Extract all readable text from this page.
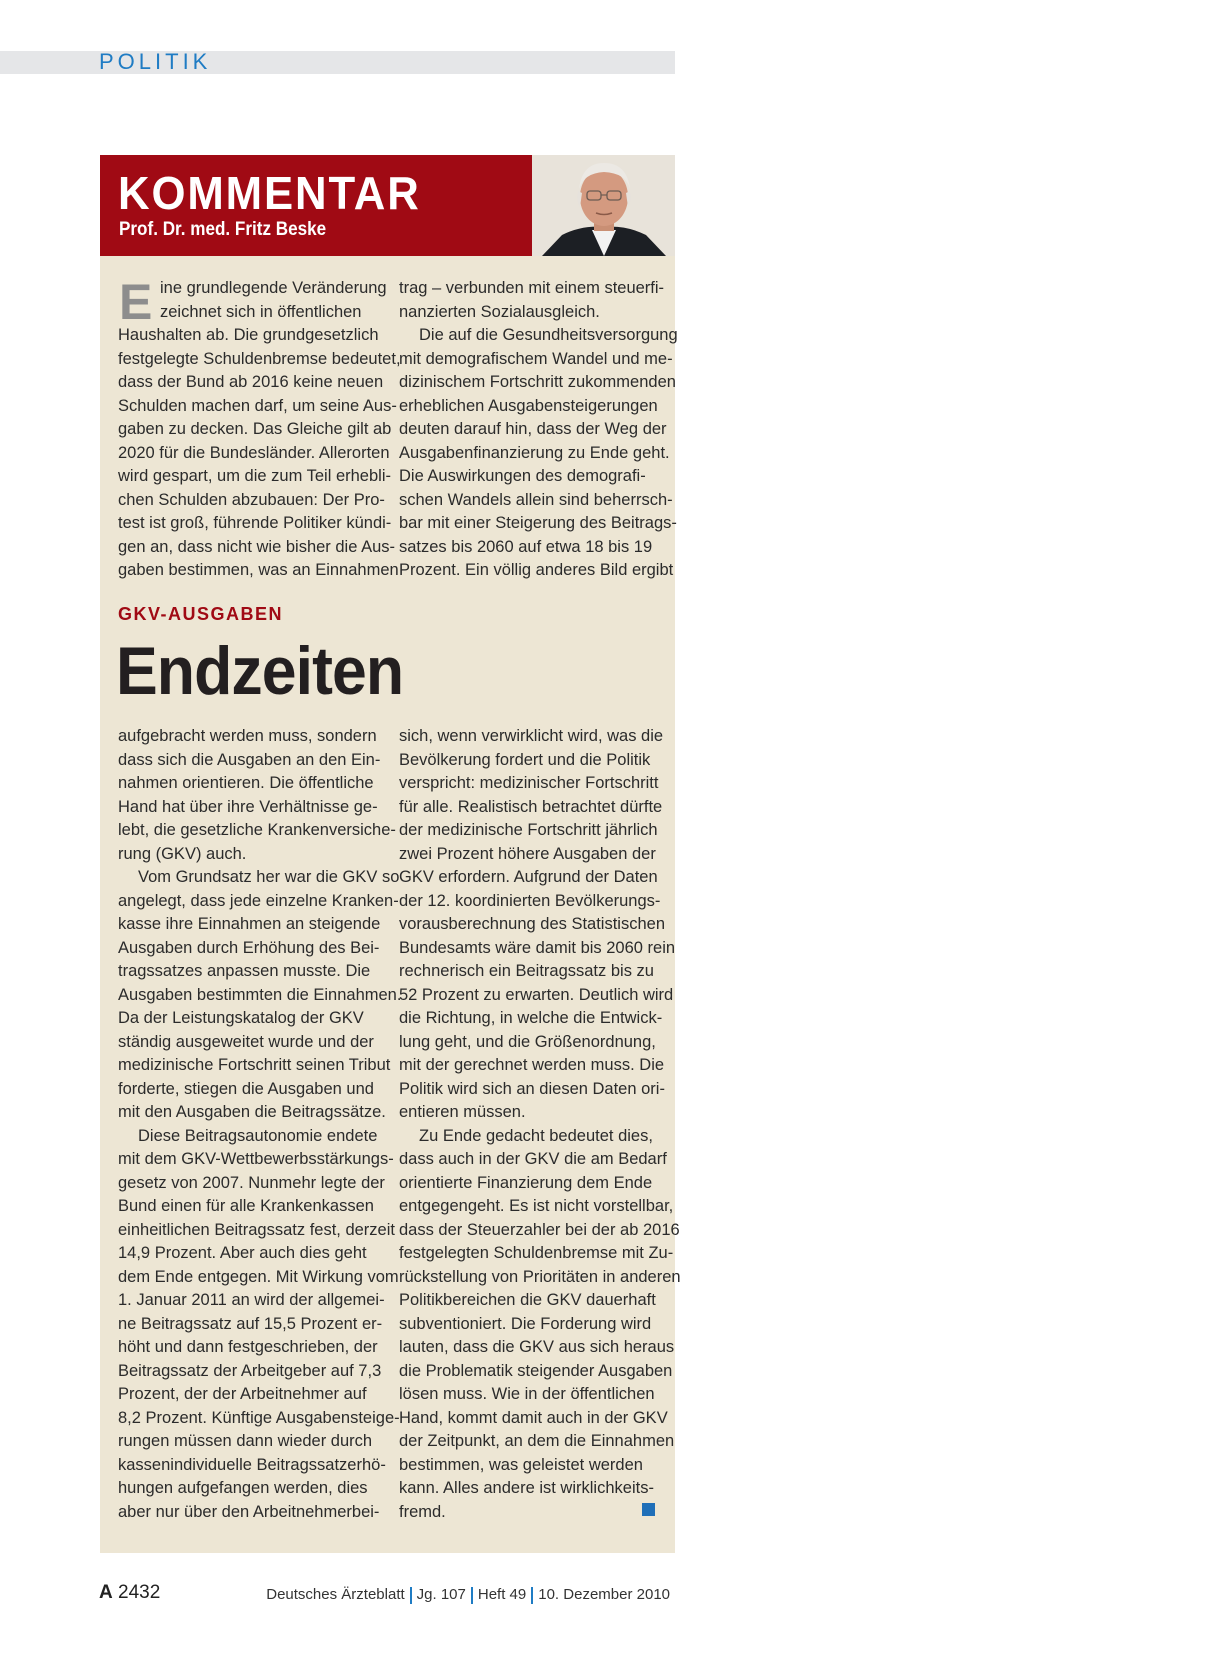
POLITIK
KOMMENTAR
Prof. Dr. med. Fritz Beske
E ine grundlegende Veränderung

zeichnet sich in öffentlichen

Haushalten ab. Die grundgesetzlich

festgelegte Schuldenbremse bedeutet,

dass der Bund ab 2016 keine neuen

Schulden machen darf, um seine Aus-

gaben zu decken. Das Gleiche gilt ab

2020 für die Bundesländer. Allerorten

wird gespart, um die zum Teil erhebli-

chen Schulden abzubauen: Der Pro-

test ist groß, führende Politiker kündi-

gen an, dass nicht wie bisher die Aus-

gaben bestimmen, was an Einnahmen

trag – verbunden mit einem steuerfi-

nanzierten Sozialausgleich.

Die auf die Gesundheitsversorgung

mit demografischem Wandel und me-

dizinischem Fortschritt zukommenden

erheblichen Ausgabensteigerungen

deuten darauf hin, dass der Weg der

Ausgabenfinanzierung zu Ende geht.

Die Auswirkungen des demografi-

schen Wandels allein sind beherrsch-

bar mit einer Steigerung des Beitrags-

satzes bis 2060 auf etwa 18 bis 19

Prozent. Ein völlig anderes Bild ergibt

GKV-AUSGABEN
Endzeiten

aufgebracht werden muss, sondern

dass sich die Ausgaben an den Ein-

nahmen orientieren. Die öffentliche

Hand hat über ihre Verhältnisse ge-

lebt, die gesetzliche Krankenversiche-

rung (GKV) auch.

Vom Grundsatz her war die GKV so

angelegt, dass jede einzelne Kranken-

kasse ihre Einnahmen an steigende

Ausgaben durch Erhöhung des Bei-

tragssatzes anpassen musste. Die

Ausgaben bestimmten die Einnahmen.

Da der Leistungskatalog der GKV

ständig ausgeweitet wurde und der

medizinische Fortschritt seinen Tribut

forderte, stiegen die Ausgaben und

mit den Ausgaben die Beitragssätze.

Diese Beitragsautonomie endete

mit dem GKV-Wettbewerbsstärkungs-

gesetz von 2007. Nunmehr legte der

Bund einen für alle Krankenkassen

einheitlichen Beitragssatz fest, derzeit

14,9 Prozent. Aber auch dies geht

dem Ende entgegen. Mit Wirkung vom

1. Januar 2011 an wird der allgemei-

ne Beitragssatz auf 15,5 Prozent er-

höht und dann festgeschrieben, der

Beitragssatz der Arbeitgeber auf 7,3

Prozent, der der Arbeitnehmer auf

8,2 Prozent. Künftige Ausgabensteige-

rungen müssen dann wieder durch

kassenindividuelle Beitragssatzerhö-

hungen aufgefangen werden, dies

aber nur über den Arbeitnehmerbei-

sich, wenn verwirklicht wird, was die

Bevölkerung fordert und die Politik

verspricht: medizinischer Fortschritt

für alle. Realistisch betrachtet dürfte

der medizinische Fortschritt jährlich

zwei Prozent höhere Ausgaben der

GKV erfordern. Aufgrund der Daten

der 12. koordinierten Bevölkerungs-

vorausberechnung des Statistischen

Bundesamts wäre damit bis 2060 rein

rechnerisch ein Beitragssatz bis zu

52 Prozent zu erwarten. Deutlich wird

die Richtung, in welche die Entwick-

lung geht, und die Größenordnung,

mit der gerechnet werden muss. Die

Politik wird sich an diesen Daten ori-

entieren müssen.

Zu Ende gedacht bedeutet dies,

dass auch in der GKV die am Bedarf

orientierte Finanzierung dem Ende

entgegengeht. Es ist nicht vorstellbar,

dass der Steuerzahler bei der ab 2016

festgelegten Schuldenbremse mit Zu-

rückstellung von Prioritäten in anderen

Politikbereichen die GKV dauerhaft

subventioniert. Die Forderung wird

lauten, dass die GKV aus sich heraus

die Problematik steigender Ausgaben

lösen muss. Wie in der öffentlichen

Hand, kommt damit auch in der GKV

der Zeitpunkt, an dem die Einnahmen

bestimmen, was geleistet werden

kann. Alles andere ist wirklichkeits-

fremd.

A 2432	Deutsches Ärzteblatt Jg. 107 Heft 49 10. Dezember 2010
